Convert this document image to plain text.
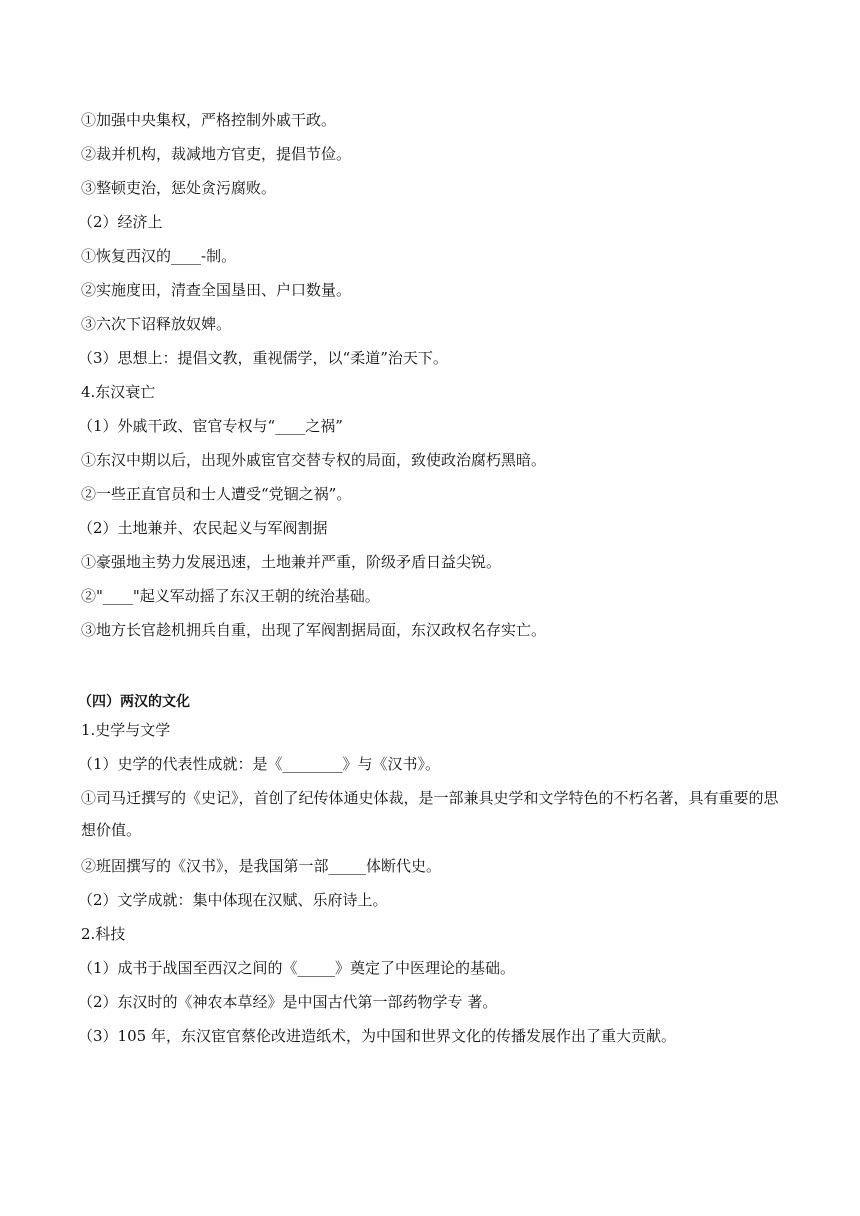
①加强中央集权，严格控制外戚干政。
②裁并机构，裁减地方官吏，提倡节俭。
③整顿吏治，惩处贪污腐败。
（2）经济上
①恢复西汉的____-制。
②实施度田，清查全国垦田、户口数量。
③六次下诏释放奴婢。
（3）思想上：提倡文教，重视儒学，以“柔道”治天下。
4.东汉衰亡
（1）外戚干政、宦官专权与“____之祸”
①东汉中期以后，出现外戚宦官交替专权的局面，致使政治腐朽黑暗。
②一些正直官员和士人遭受“党锢之祸”。
（2）土地兼并、农民起义与军阀割据
①豪强地主势力发展迅速，土地兼并严重，阶级矛盾日益尖锐。
②"____"起义军动摇了东汉王朝的统治基础。
③地方长官趁机拥兵自重，出现了军阀割据局面，东汉政权名存实亡。
（四）两汉的文化
1.史学与文学
（1）史学的代表性成就：是《________》与《汉书》。
①司马迁撰写的《史记》，首创了纪传体通史体裁，是一部兼具史学和文学特色的不朽名著，具有重要的思想价值。
②班固撰写的《汉书》，是我国第一部_____体断代史。
（2）文学成就：集中体现在汉赋、乐府诗上。
2.科技
（1）成书于战国至西汉之间的《_____》奠定了中医理论的基础。
（2）东汉时的《神农本草经》是中国古代第一部药物学专 著。
（3）105 年，东汉宦官蔡伦改进造纸术，为中国和世界文化的传播发展作出了重大贡献。
